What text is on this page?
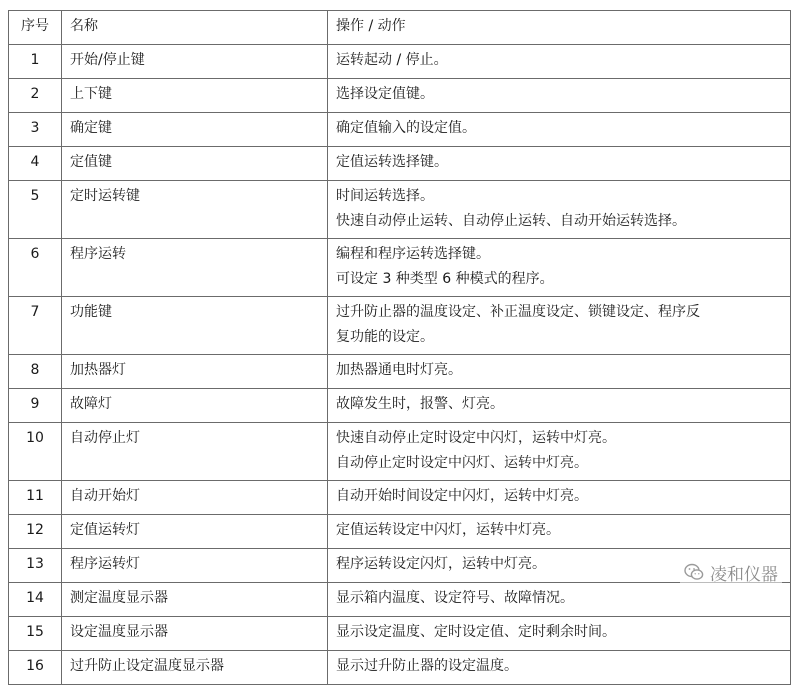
序号	名称	操作 / 动作
1	开始/停止键	运转起动 / 停止。

2	上下键	选择设定值键。

3	确定键	确定值输入的设定值。

4	定值键	定值运转选择键。

5	定时运转键	时间运转选择。
快速自动停止运转、自动停止运转、自动开始运转选择。

6	程序运转	编程和程序运转选择键。
可设定 3 种类型 6 种模式的程序。

7	功能键	过升防止器的温度设定、补正温度设定、锁键设定、程序反
复功能的设定。

8	加热器灯	加热器通电时灯亮。

9	故障灯	故障发生时，报警、灯亮。

10	自动停止灯	快速自动停止定时设定中闪灯，运转中灯亮。
自动停止定时设定中闪灯、运转中灯亮。

11	自动开始灯	自动开始时间设定中闪灯，运转中灯亮。

12	定值运转灯	定值运转设定中闪灯，运转中灯亮。

13	程序运转灯	程序运转设定闪灯，运转中灯亮。

14	测定温度显示器	显示箱内温度、设定符号、故障情况。

15	设定温度显示器	显示设定温度、定时设定值、定时剩余时间。

16	过升防止设定温度显示器	显示过升防止器的设定温度。
凌和仪器
